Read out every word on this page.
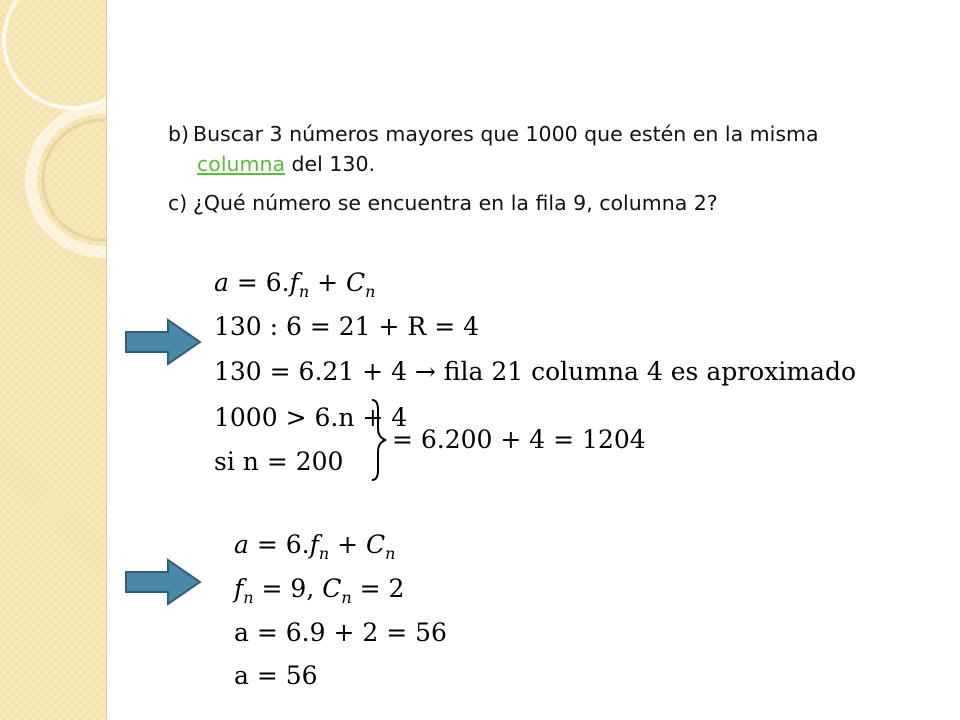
b) Buscar 3 números mayores que 1000 que estén en la misma

columna del 130.

c) ¿Qué número se encuentra en la fila 9, columna 2?

$a = 6.f_n + C_n$
130 : 6 = 21 + R = 4
130 = 6.21 + 4 → fila 21 columna 4 es aproximado
1000 > 6.n + 4
si n = 200
= 6.200 + 4 = 1204
$a = 6.f_n + C_n$
$f_n = 9$, $C_n = 2$
a = 6.9 + 2 = 56
a = 56
